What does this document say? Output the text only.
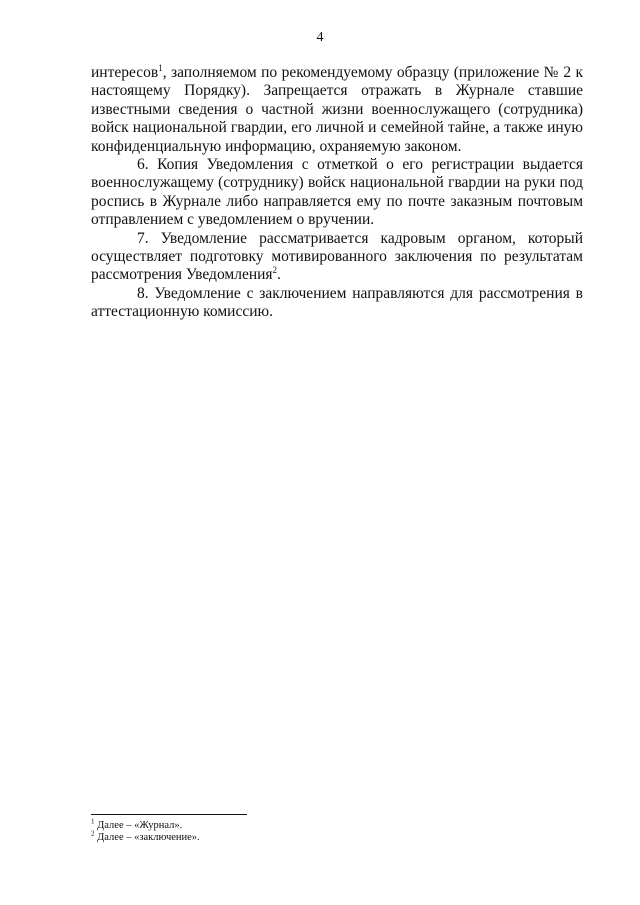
4

интересов$^1$, заполняемом по рекомендуемому образцу (приложение № 2 к настоящему Порядку). Запрещается отражать в Журнале ставшие известными сведения о частной жизни военнослужащего (сотрудника) войск национальной гвардии, его личной и семейной тайне, а также иную конфиденциальную информацию, охраняемую законом.

6. Копия Уведомления с отметкой о его регистрации выдается военнослужащему (сотруднику) войск национальной гвардии на руки под роспись в Журнале либо направляется ему по почте заказным почтовым отправлением с уведомлением о вручении.

7. Уведомление рассматривается кадровым органом, который осуществляет подготовку мотивированного заключения по результатам рассмотрения Уведомления$^2$.

8. Уведомление с заключением направляются для рассмотрения в аттестационную комиссию.

$^1$ Далее – «Журнал».
$^2$ Далее – «заключение».
